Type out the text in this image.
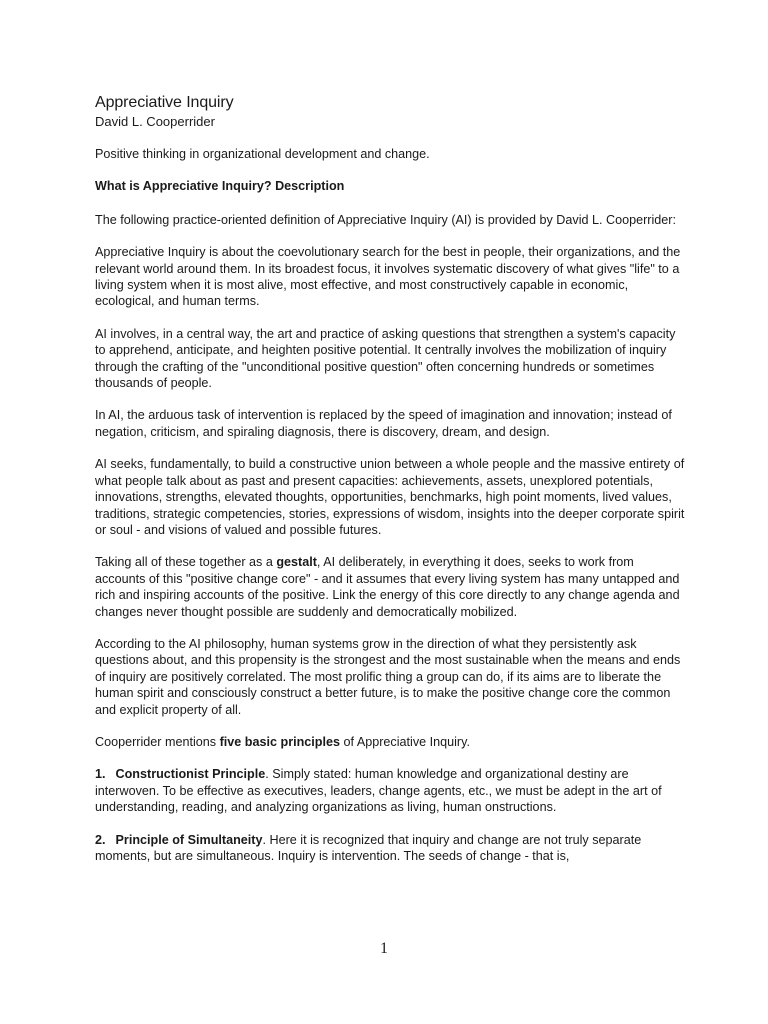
Appreciative Inquiry
David L. Cooperrider

Positive thinking in organizational development and change.

What is Appreciative Inquiry? Description

The following practice-oriented definition of Appreciative Inquiry (AI) is provided by David L. Cooperrider:

Appreciative Inquiry is about the coevolutionary search for the best in people, their organizations, and the relevant world around them. In its broadest focus, it involves systematic discovery of what gives "life" to a living system when it is most alive, most effective, and most constructively capable in economic, ecological, and human terms.

AI involves, in a central way, the art and practice of asking questions that strengthen a system's capacity to apprehend, anticipate, and heighten positive potential. It centrally involves the mobilization of inquiry through the crafting of the "unconditional positive question" often concerning hundreds or sometimes thousands of people.

In AI, the arduous task of intervention is replaced by the speed of imagination and innovation; instead of negation, criticism, and spiraling diagnosis, there is discovery, dream, and design.

AI seeks, fundamentally, to build a constructive union between a whole people and the massive entirety of what people talk about as past and present capacities: achievements, assets, unexplored potentials, innovations, strengths, elevated thoughts, opportunities, benchmarks, high point moments, lived values, traditions, strategic competencies, stories, expressions of wisdom, insights into the deeper corporate spirit or soul - and visions of valued and possible futures.

Taking all of these together as a gestalt, AI deliberately, in everything it does, seeks to work from accounts of this "positive change core" - and it assumes that every living system has many untapped and rich and inspiring accounts of the positive. Link the energy of this core directly to any change agenda and changes never thought possible are suddenly and democratically mobilized.

According to the AI philosophy, human systems grow in the direction of what they persistently ask questions about, and this propensity is the strongest and the most sustainable when the means and ends of inquiry are positively correlated. The most prolific thing a group can do, if its aims are to liberate the human spirit and consciously construct a better future, is to make the positive change core the common and explicit property of all.

Cooperrider mentions five basic principles of Appreciative Inquiry.

1. Constructionist Principle. Simply stated: human knowledge and organizational destiny are interwoven. To be effective as executives, leaders, change agents, etc., we must be adept in the art of understanding, reading, and analyzing organizations as living, human onstructions.

2. Principle of Simultaneity. Here it is recognized that inquiry and change are not truly separate moments, but are simultaneous. Inquiry is intervention. The seeds of change - that is,

1
